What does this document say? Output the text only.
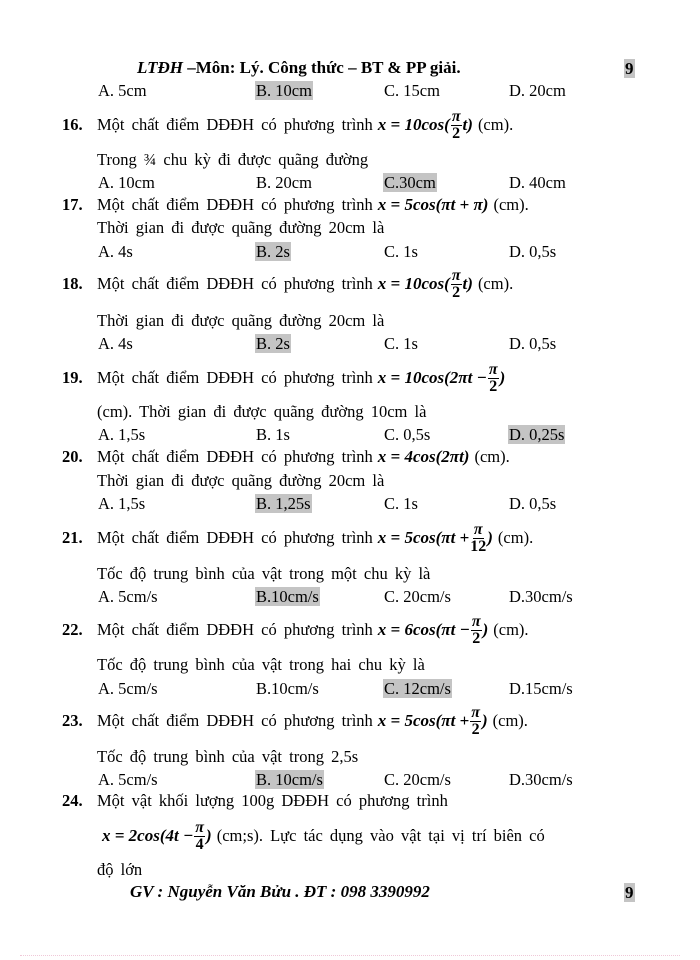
LTĐH –Môn: Lý. Công thức – BT & PP giải.	9
A. 5cm	B. 10cm	C. 15cm	D. 20cm
16. Một chất điểm DĐĐH có phương trình $x = 10\cos( \frac{\pi}{2} t)$ (cm).
Trong ¾ chu kỳ đi được quãng đường
A. 10cm	B. 20cm	C.30cm	D. 40cm
17. Một chất điểm DĐĐH có phương trình x = 5cos(πt + π) (cm).
Thời gian đi được quãng đường 20cm là
A. 4s	B. 2s	C. 1s	D. 0,5s
18. Một chất điểm DĐĐH có phương trình $x = 10\cos( \frac{\pi}{2} t)$ (cm).
Thời gian đi được quãng đường 20cm là
A. 4s	B. 2s	C. 1s	D. 0,5s
19. Một chất điểm DĐĐH có phương trình $x = 10\cos(2\pi t - \frac{\pi}{2}$ )
(cm). Thời gian đi được quãng đường 10cm là
A. 1,5s	B. 1s	C. 0,5s	D. 0,25s
20. Một chất điểm DĐĐH có phương trình x = 4cos(2πt) (cm).
Thời gian đi được quãng đường 20cm là
A. 1,5s	B. 1,25s	C. 1s	D. 0,5s
21. Một chất điểm DĐĐH có phương trình $x = 5\cos(\pi t + \frac{\pi}{12}$ ) (cm).
Tốc độ trung bình của vật trong một chu kỳ là
A. 5cm/s	B.10cm/s	C. 20cm/s	D.30cm/s
22. Một chất điểm DĐĐH có phương trình $x = 6\cos(\pi t - \frac{\pi}{2}$ ) (cm).
Tốc độ trung bình của vật trong hai chu kỳ là
A. 5cm/s	B.10cm/s	C. 12cm/s	D.15cm/s
23. Một chất điểm DĐĐH có phương trình $x = 5\cos(\pi t + \frac{\pi}{2}$ ) (cm).
Tốc độ trung bình của vật trong 2,5s
A. 5cm/s	B. 10cm/s	C. 20cm/s	D.30cm/s
24. Một vật khối lượng 100g DĐĐH có phương trình
$x = 2\cos(4t - \frac{\pi}{4}$ ) (cm;s). Lực tác dụng vào vật tại vị trí biên có
độ lớn
GV : Nguyễn Văn Bửu . ĐT : 098 3390992	9
